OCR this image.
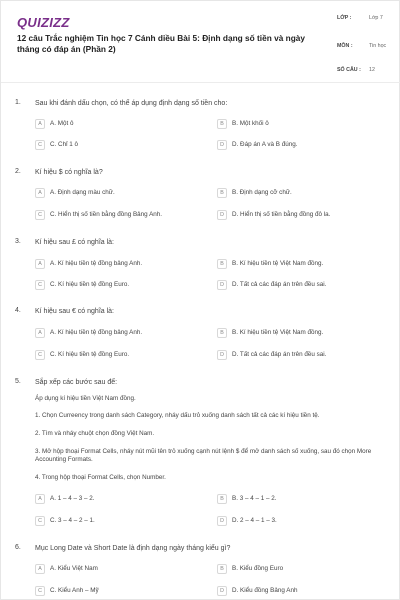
QUIZIZZ
12 câu Trắc nghiệm Tin học 7 Cánh diều Bài 5: Định dạng số tiền và ngày tháng có đáp án (Phần 2)
LỚP :	Lớp 7
MÔN :	Tin học
SỐ CÂU : 12
1. Sau khi đánh dấu chọn, có thể áp dụng định dạng số tiền cho:
A	A. Một ô	B	B. Một khối ô
C	C. Chỉ 1 ô	D	D. Đáp án A và B đúng.
2. Kí hiệu $ có nghĩa là?
A	A. Định dạng màu chữ.	B	B. Định dạng cỡ chữ.
C	C. Hiển thị số tiền bằng đồng Bảng Anh.	D	D. Hiển thị số tiền bằng đồng đô la.
3. Kí hiệu sau £ có nghĩa là:
A	A. Kí hiệu tiền tệ đồng bảng Anh.	B	B. Kí hiệu tiền tệ Việt Nam đồng.
C	C. Kí hiệu tiền tệ đồng Euro.	D	D. Tất cả các đáp án trên đều sai.
4. Kí hiệu sau € có nghĩa là:
A	A. Kí hiệu tiền tệ đồng bảng Anh.	B	B. Kí hiệu tiền tệ Việt Nam đồng.
C	C. Kí hiệu tiền tệ đồng Euro.	D	D. Tất cả các đáp án trên đều sai.
5. Sắp xếp các bước sau để:
Áp dụng kí hiệu tiền Việt Nam đồng.
1. Chọn Curreency trong danh sách Category, nháy dấu trỏ xuống danh sách tất cả các kí hiệu tiền tệ.
2. Tìm và nháy chuột chọn đồng Việt Nam.
3. Mở hộp thoại Format Cells, nháy nút mũi tên trỏ xuống cạnh nút lệnh $ để mở danh sách số xuống, sau đó chọn More Accounting Formats.
4. Trong hộp thoại Format Cells, chọn Number.
A	A. 1 – 4 – 3 – 2.	B	B. 3 – 4 – 1 – 2.
C	C. 3 – 4 – 2 – 1.	D	D. 2 – 4 – 1 – 3.
6. Mục Long Date và Short Date là định dạng ngày tháng kiểu gì?
A	A. Kiểu Việt Nam	B	B. Kiểu đồng Euro
C	C. Kiểu Anh – Mỹ	D	D. Kiểu đồng Bảng Anh
